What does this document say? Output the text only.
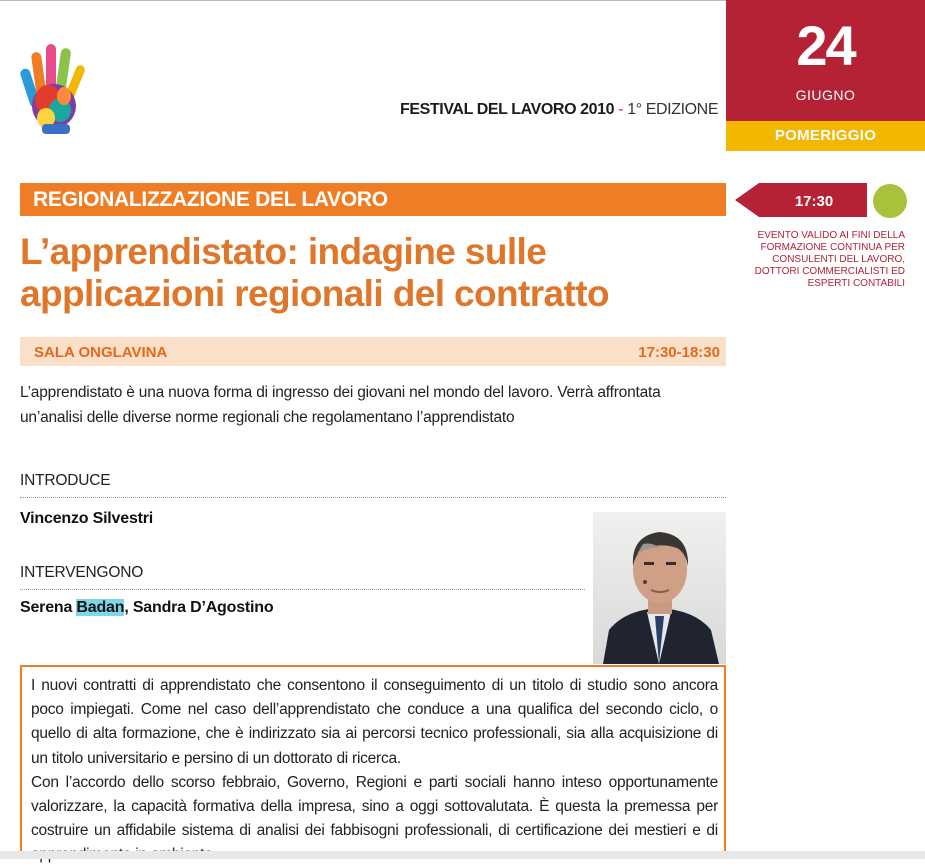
FESTIVAL DEL LAVORO 2010 - 1° EDIZIONE
24
GIUGNO
POMERIGGIO
REGIONALIZZAZIONE DEL LAVORO	17:30
EVENTO VALIDO AI FINI DELLA FORMAZIONE CONTINUA PER CONSULENTI DEL LAVORO, DOTTORI COMMERCIALISTI ED ESPERTI CONTABILI
L’apprendistato: indagine sulle
applicazioni regionali del contratto
SALA ONGLAVINA	17:30-18:30
L’apprendistato è una nuova forma di ingresso dei giovani nel mondo del lavoro. Verrà affrontata un’analisi delle diverse norme regionali che regolamentano l’apprendistato
INTRODUCE
Vincenzo Silvestri
INTERVENGONO
Serena Badan, Sandra D’Agostino

I nuovi contratti di apprendistato che consentono il conseguimento di un titolo di studio sono ancora poco impiegati. Come nel caso dell’apprendistato che conduce a una qualifica del secondo ciclo, o quello di alta formazione, che è indirizzato sia ai percorsi tecnico professionali, sia alla acquisizione di un titolo universitario e persino di un dottorato di ricerca.

Con l’accordo dello scorso febbraio, Governo, Regioni e parti sociali hanno inteso opportunamente valorizzare, la capacità formativa della impresa, sino a oggi sottovalutata. È questa la premessa per costruire un affidabile sistema di analisi dei fabbisogni professionali, di certificazione dei mestieri e di
